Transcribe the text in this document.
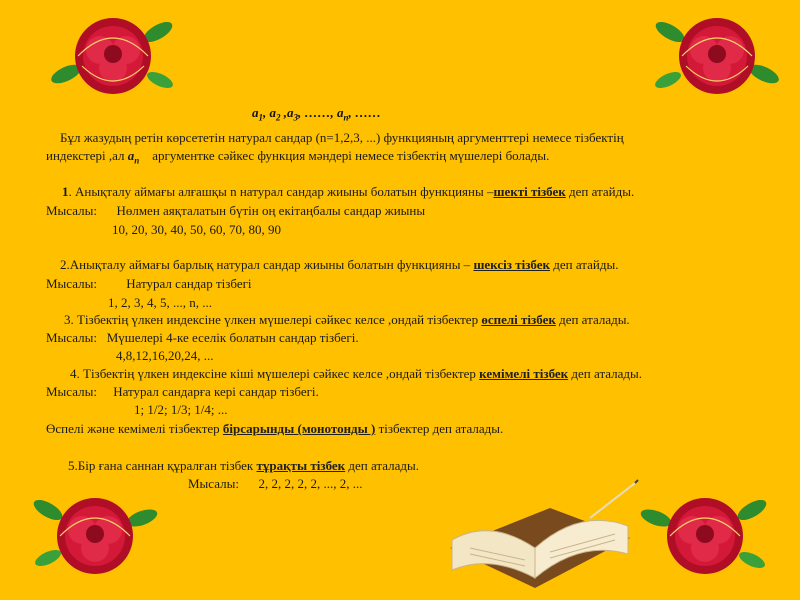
$a_1$, $a_2$ $,a_3$, ……, $a_n$, ……
Бұл жазудың ретін көрсететін натурал сандар (n=1,2,3, ...) функцияның аргументтері немесе тізбектің
индекстері ,ал $a_n$ аргументке сәйкес функция мәндері немесе тізбектің мүшелері болады.
1. Анықталу аймағы алғашқы n натурал сандар жиыны болатын функцияны –шекті тізбек деп атайды.
Мысалы: Нөлмен аяқталатын бүтін оң екітаңбалы сандар жиыны
10, 20, 30, 40, 50, 60, 70, 80, 90
2.Анықталу аймағы барлық натурал сандар жиыны болатын функцияны – шексіз тізбек деп атайды.
Мысалы: Натурал сандар тізбегі
1, 2, 3, 4, 5, ..., n, ...
3. Тізбектің үлкен индексіне үлкен мүшелері сәйкес келсе ,ондай тізбектер өспелі тізбек деп аталады.
Мысалы: Мүшелері 4-ке еселік болатын сандар тізбегі.
4,8,12,16,20,24, ...
4. Тізбектің үлкен индексіне кіші мүшелері сәйкес келсе ,ондай тізбектер кемімелі тізбек деп аталады.
Мысалы: Натурал сандарға кері сандар тізбегі.
1; 1/2; 1/3; 1/4; ...
Өспелі және кемімелі тізбектер бірсарынды (монотонды ) тізбектер деп аталады.
5.Бір ғана саннан құралған тізбек тұрақты тізбек деп аталады.
Мысалы: 2, 2, 2, 2, 2, ..., 2, ...
